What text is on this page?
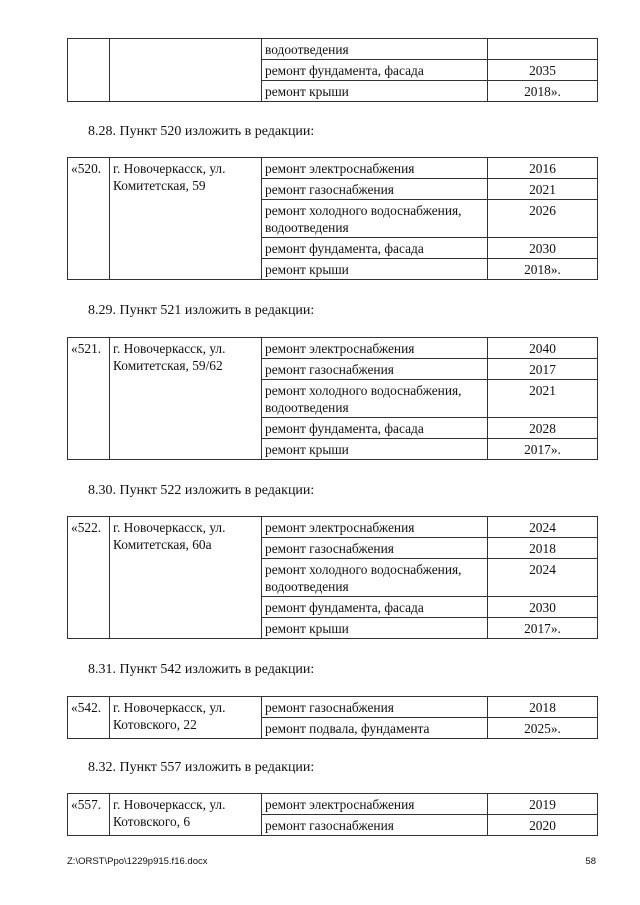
		водоотведения	
		ремонт фундамента, фасада	2035
		ремонт крыши	2018».
8.28. Пункт 520 изложить в редакции:
«520.	г. Новочеркасск, ул. Комитетская, 59	ремонт электроснабжения	2016
		ремонт газоснабжения	2021
		ремонт холодного водоснабжения, водоотведения	2026
		ремонт фундамента, фасада	2030
		ремонт крыши	2018».
8.29. Пункт 521 изложить в редакции:
«521.	г. Новочеркасск, ул. Комитетская, 59/62	ремонт электроснабжения	2040
		ремонт газоснабжения	2017
		ремонт холодного водоснабжения, водоотведения	2021
		ремонт фундамента, фасада	2028
		ремонт крыши	2017».
8.30. Пункт 522 изложить в редакции:
«522.	г. Новочеркасск, ул. Комитетская, 60а	ремонт электроснабжения	2024
		ремонт газоснабжения	2018
		ремонт холодного водоснабжения, водоотведения	2024
		ремонт фундамента, фасада	2030
		ремонт крыши	2017».
8.31. Пункт 542 изложить в редакции:
«542.	г. Новочеркасск, ул. Котовского, 22	ремонт газоснабжения	2018
		ремонт подвала, фундамента	2025».
8.32. Пункт 557 изложить в редакции:
«557.	г. Новочеркасск, ул. Котовского, 6	ремонт электроснабжения	2019
		ремонт газоснабжения	2020
Z:\ORST\Ppo\1229p915.f16.docx	58
